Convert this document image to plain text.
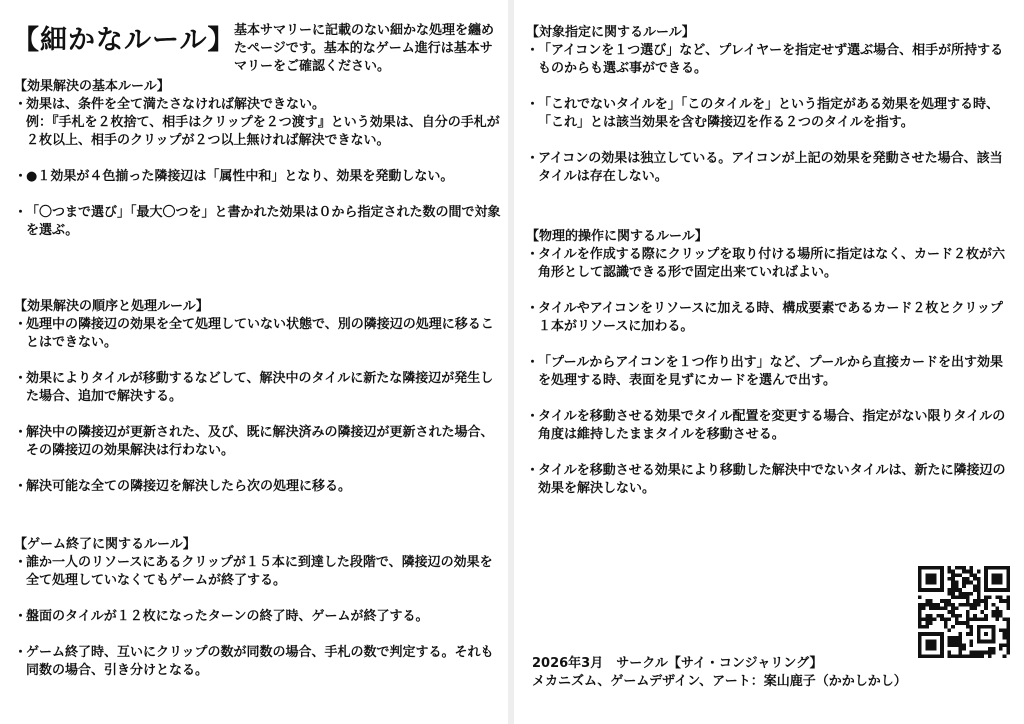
【細かなルール】
基本サマリーに記載のない細かな処理を纏めたページです。基本的なゲーム進行は基本サマリーをご確認ください。
【効果解決の基本ルール】
・
効果は、条件を全て満たさなければ解決できない。
例：『手札を２枚捨て、相手はクリップを２つ渡す』という効果は、自分の手札が２枚以上、相手のクリップが２つ以上無ければ解決できない。
・
●１効果が４色揃った隣接辺は「属性中和」となり、効果を発動しない。
・
「〇つまで選び」「最大〇つを」と書かれた効果は０から指定された数の間で対象を選ぶ。
【効果解決の順序と処理ルール】
・
処理中の隣接辺の効果を全て処理していない状態で、別の隣接辺の処理に移ることはできない。
・
効果によりタイルが移動するなどして、解決中のタイルに新たな隣接辺が発生した場合、追加で解決する。
・
解決中の隣接辺が更新された、及び、既に解決済みの隣接辺が更新された場合、その隣接辺の効果解決は行わない。
・
解決可能な全ての隣接辺を解決したら次の処理に移る。
【ゲーム終了に関するルール】
・
誰か一人のリソースにあるクリップが１５本に到達した段階で、隣接辺の効果を全て処理していなくてもゲームが終了する。
・
盤面のタイルが１２枚になったターンの終了時、ゲームが終了する。
・
ゲーム終了時、互いにクリップの数が同数の場合、手札の数で判定する。それも同数の場合、引き分けとなる。
【対象指定に関するルール】
・
「アイコンを１つ選び」など、プレイヤーを指定せず選ぶ場合、相手が所持するものからも選ぶ事ができる。
・
「これでないタイルを」「このタイルを」という指定がある効果を処理する時、「これ」とは該当効果を含む隣接辺を作る２つのタイルを指す。
・
アイコンの効果は独立している。アイコンが上記の効果を発動させた場合、該当タイルは存在しない。
【物理的操作に関するルール】
・
タイルを作成する際にクリップを取り付ける場所に指定はなく、カード２枚が六角形として認識できる形で固定出来ていればよい。
・
タイルやアイコンをリソースに加える時、構成要素であるカード２枚とクリップ１本がリソースに加わる。
・
「プールからアイコンを１つ作り出す」など、プールから直接カードを出す効果を処理する時、表面を見ずにカードを選んで出す。
・
タイルを移動させる効果でタイル配置を変更する場合、指定がない限りタイルの角度は維持したままタイルを移動させる。
・
タイルを移動させる効果により移動した解決中でないタイルは、新たに隣接辺の効果を解決しない。
2026年3月　サークル【サイ・コンジャリング】
メカニズム、ゲームデザイン、アート：案山鹿子（かかしかし）
